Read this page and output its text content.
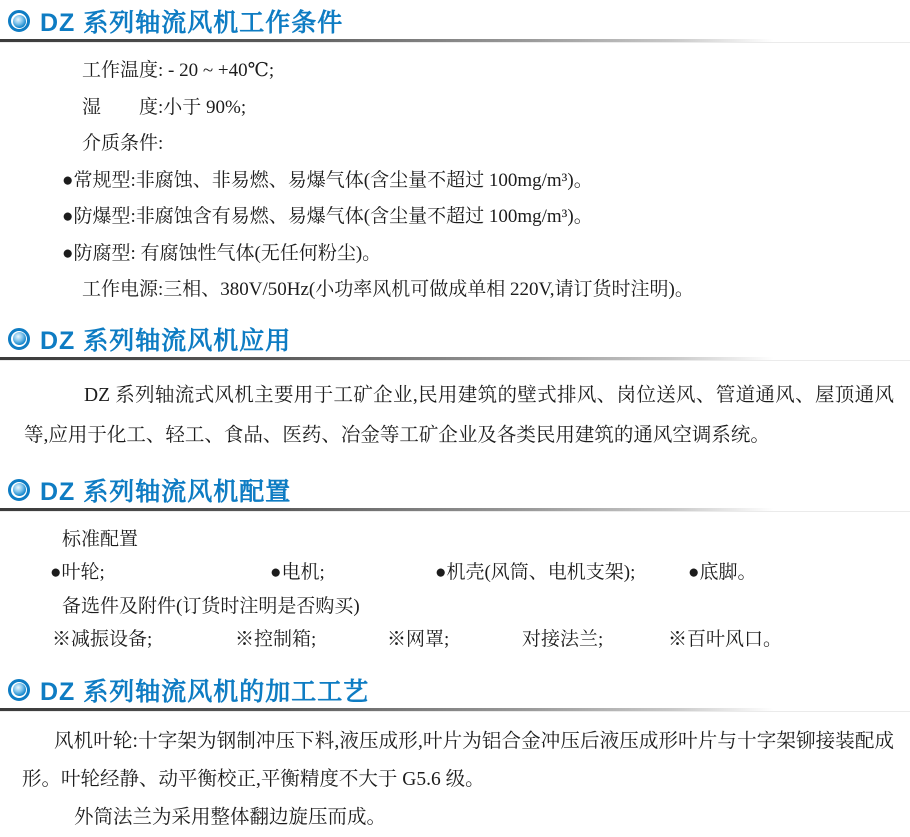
DZ 系列轴流风机工作条件

工作温度: - 20 ~ +40℃;

湿　　度:小于 90%;

介质条件:

●常规型:非腐蚀、非易燃、易爆气体(含尘量不超过 100mg/m³)。

●防爆型:非腐蚀含有易燃、易爆气体(含尘量不超过 100mg/m³)。

●防腐型: 有腐蚀性气体(无任何粉尘)。

工作电源:三相、380V/50Hz(小功率风机可做成单相 220V,请订货时注明)。

DZ 系列轴流风机应用

DZ 系列轴流式风机主要用于工矿企业,民用建筑的壁式排风、岗位送风、管道通风、屋顶通风等,应用于化工、轻工、食品、医药、冶金等工矿企业及各类民用建筑的通风空调系统。

DZ 系列轴流风机配置

标准配置

●叶轮;	●电机;	●机壳(风筒、电机支架);	●底脚。

备选件及附件(订货时注明是否购买)

※减振设备;	※控制箱;	※网罩;	对接法兰;	※百叶风口。

DZ 系列轴流风机的加工工艺

风机叶轮:十字架为钢制冲压下料,液压成形,叶片为铝合金冲压后液压成形叶片与十字架铆接装配成形。叶轮经静、动平衡校正,平衡精度不大于 G5.6 级。

外筒法兰为采用整体翻边旋压而成。
